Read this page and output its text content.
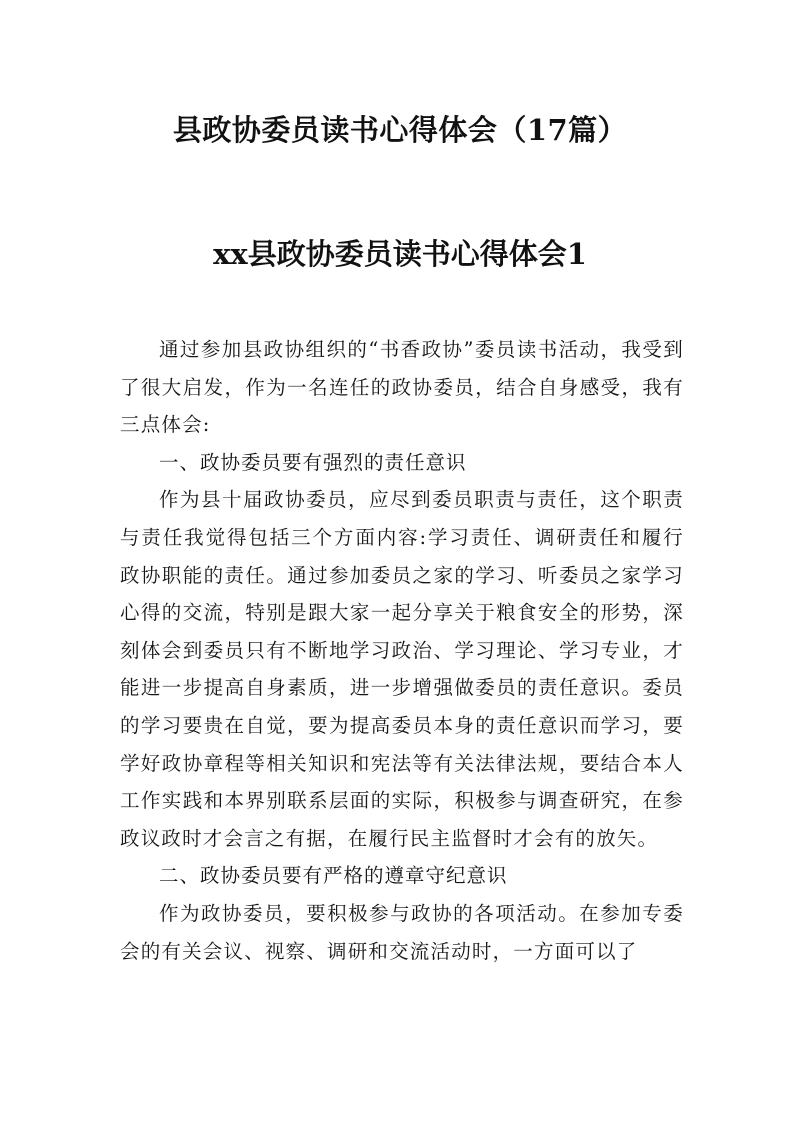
县政协委员读书心得体会（17篇）
xx县政协委员读书心得体会1

通过参加县政协组织的“书香政协”委员读书活动，我受到了很大启发，作为一名连任的政协委员，结合自身感受，我有三点体会:

一、政协委员要有强烈的责任意识

作为县十届政协委员，应尽到委员职责与责任，这个职责与责任我觉得包括三个方面内容:学习责任、调研责任和履行政协职能的责任。通过参加委员之家的学习、听委员之家学习心得的交流，特别是跟大家一起分享关于粮食安全的形势，深刻体会到委员只有不断地学习政治、学习理论、学习专业，才能进一步提高自身素质，进一步增强做委员的责任意识。委员的学习要贵在自觉，要为提高委员本身的责任意识而学习，要学好政协章程等相关知识和宪法等有关法律法规，要结合本人工作实践和本界别联系层面的实际，积极参与调查研究，在参政议政时才会言之有据，在履行民主监督时才会有的放矢。

二、政协委员要有严格的遵章守纪意识

作为政协委员，要积极参与政协的各项活动。在参加专委会的有关会议、视察、调研和交流活动时，一方面可以了
